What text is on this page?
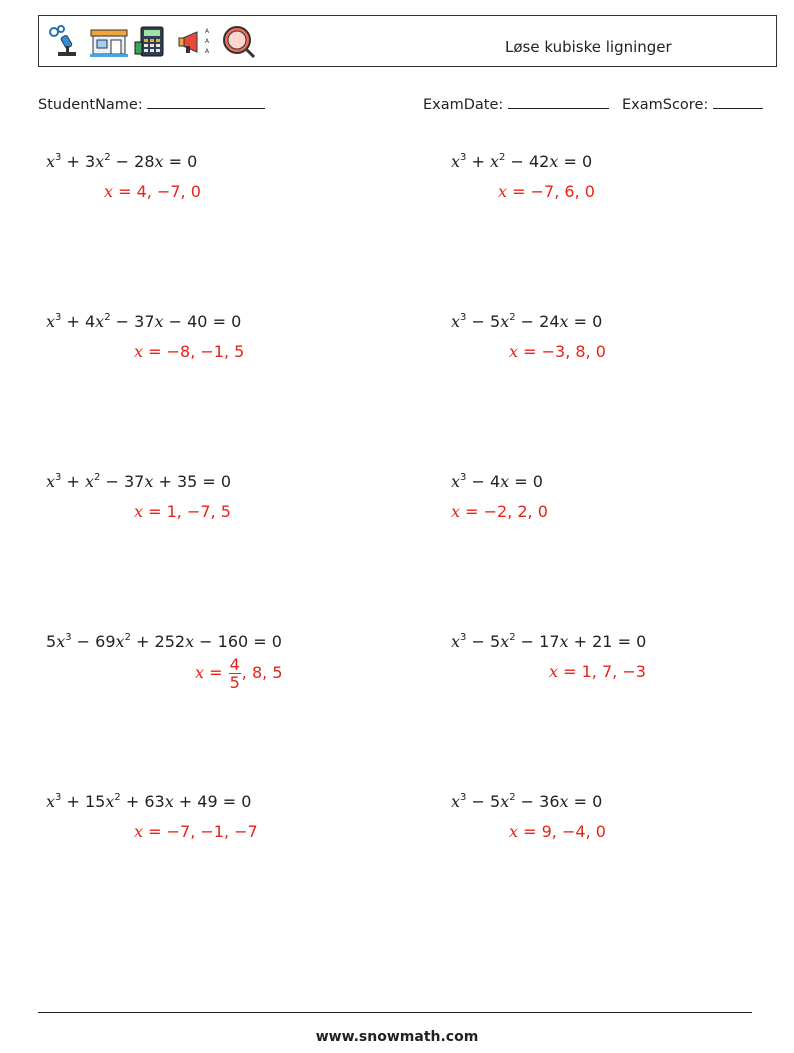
A
A
A	Løse kubiske ligninger
StudentName:	ExamDate:	ExamScore:
$x^3 + 3x^2 - 28x = 0$
x = 4, −7, 0
$x^3 + x^2 - 42x = 0$
x = −7, 6, 0
$x^3 + 4x^2 - 37x - 40 = 0$
x = −8, −1, 5
$x^3 - 5x^2 - 24x = 0$
x = −3, 8, 0
$x^3 + x^2 - 37x + 35 = 0$
x = 1, −7, 5
$x^3 - 4x = 0$
x = −2, 2, 0
$5x^3 - 69x^2 + 252x - 160 = 0$
$x = \frac{4}{5}$ , 8, 5
$x^3 - 5x^2 - 17x + 21 = 0$
x = 1, 7, −3
$x^3 + 15x^2 + 63x + 49 = 0$
x = −7, −1, −7
$x^3 - 5x^2 - 36x = 0$
x = 9, −4, 0
www.snowmath.com
